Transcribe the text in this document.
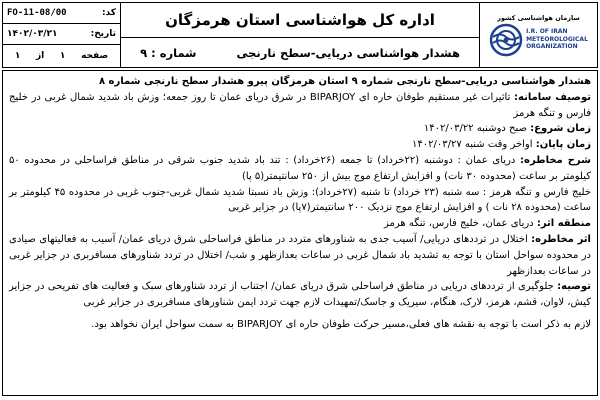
کد:
FO-11-08/00
تاریخ:
۱۴۰۲/۰۳/۲۱
صفحه
۱
از
۱
اداره کل هواشناسی استان هرمزگان
هشدار هواشناسی دریایی-سطح نارنجی
شماره : ۹
سازمان هواشناسی کشور
I.R. OF IRAN
METEOROLOGICAL
ORGANIZATION

هشدار هواشناسی دریایی-سطح نارنجی شماره ۹ استان هرمزگان پیرو هشدار سطح نارنجی شماره ۸

توصیف سامانه: تاثیرات غیر مستقیم طوفان حاره ای BIPARJOY در شرق دریای عمان تا روز جمعه؛ وزش باد شدید شمال غربی در خلیج فارس و تنگه هرمز

زمان شروع: صبح دوشنبه ۱۴۰۲/۰۳/۲۲

زمان پایان: اواخر وقت شنبه ۱۴۰۲/۰۳/۲۷

شرح مخاطره: دریای عمان : دوشنبه (۲۲خرداد) تا جمعه (۲۶خرداد) : تند باد شدید جنوب شرقی در مناطق فراساحلی در محدوده ۵۰ کیلومتر بر ساعت (محدوده ۳۰ نات) و افزایش ارتفاع موج بیش از ۲۵۰ سانتیمتر(۵ پا)

خلیج فارس و تنگه هرمز : سه شنبه (۲۳ خرداد) تا شنبه (۲۷خرداد): وزش باد نسبتا شدید شمال غربی-جنوب غربی در محدوده ۴۵ کیلومتر بر ساعت (محدوده ۲۸ نات ) و افزایش ارتفاع موج نزدیک ۲۰۰ سانتیمتر(۷پا) در جزایر غربی

منطقه اثر: دریای عمان، خلیج فارس، تنگه هرمز

اثر مخاطره: اختلال در ترددهای دریایی/ آسیب جدی به شناورهای متردد در مناطق فراساحلی شرق دریای عمان/ آسیب به فعالیتهای صیادی در محدوده سواحل استان با توجه به تشدید باد شمال غربی در ساعات بعدازظهر و شب/ اختلال در تردد شناورهای مسافربری در جزایر غربی در ساعات بعدازظهر

توصیه: جلوگیری از ترددهای دریایی در مناطق فراساحلی شرق دریای عمان/ اجتناب از تردد شناورهای سبک و فعالیت های تفریحی در جزایر کیش، لاوان، قشم، هرمز، لارک، هنگام، سیریک و جاسک/تمهیدات لازم جهت تردد ایمن شناورهای مسافربری در جزایر غربی

لازم به ذکر است با توجه به نقشه های فعلی،مسیر حرکت طوفان حاره ای BIPARJOY به سمت سواحل ایران نخواهد بود.
